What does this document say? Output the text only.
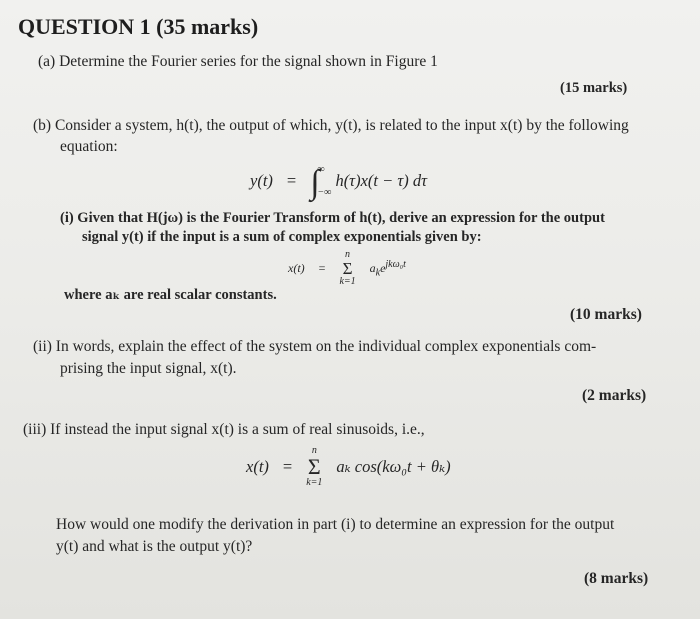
QUESTION 1 (35 marks)
(a) Determine the Fourier series for the signal shown in Figure 1
(15 marks)
(b) Consider a system, h(t), the output of which, y(t), is related to the input x(t) by the following
equation:
y(t) = ∫
∞
−∞
h(τ)x(t − τ) dτ
(i) Given that H(jω) is the Fourier Transform of h(t), derive an expression for the output
signal y(t) if the input is a sum of complex exponentials given by:
x(t) =
n
Σ
k=1
$a_ke^{jk\omega_0t}$
where aₖ are real scalar constants.
(10 marks)
(ii) In words, explain the effect of the system on the individual complex exponentials com-
prising the input signal, x(t).
(2 marks)
(iii) If instead the input signal x(t) is a sum of real sinusoids, i.e.,
x(t) =
n
Σ
k=1
aₖ cos(kω₀t + θₖ)
How would one modify the derivation in part (i) to determine an expression for the output
y(t) and what is the output y(t)?
(8 marks)
